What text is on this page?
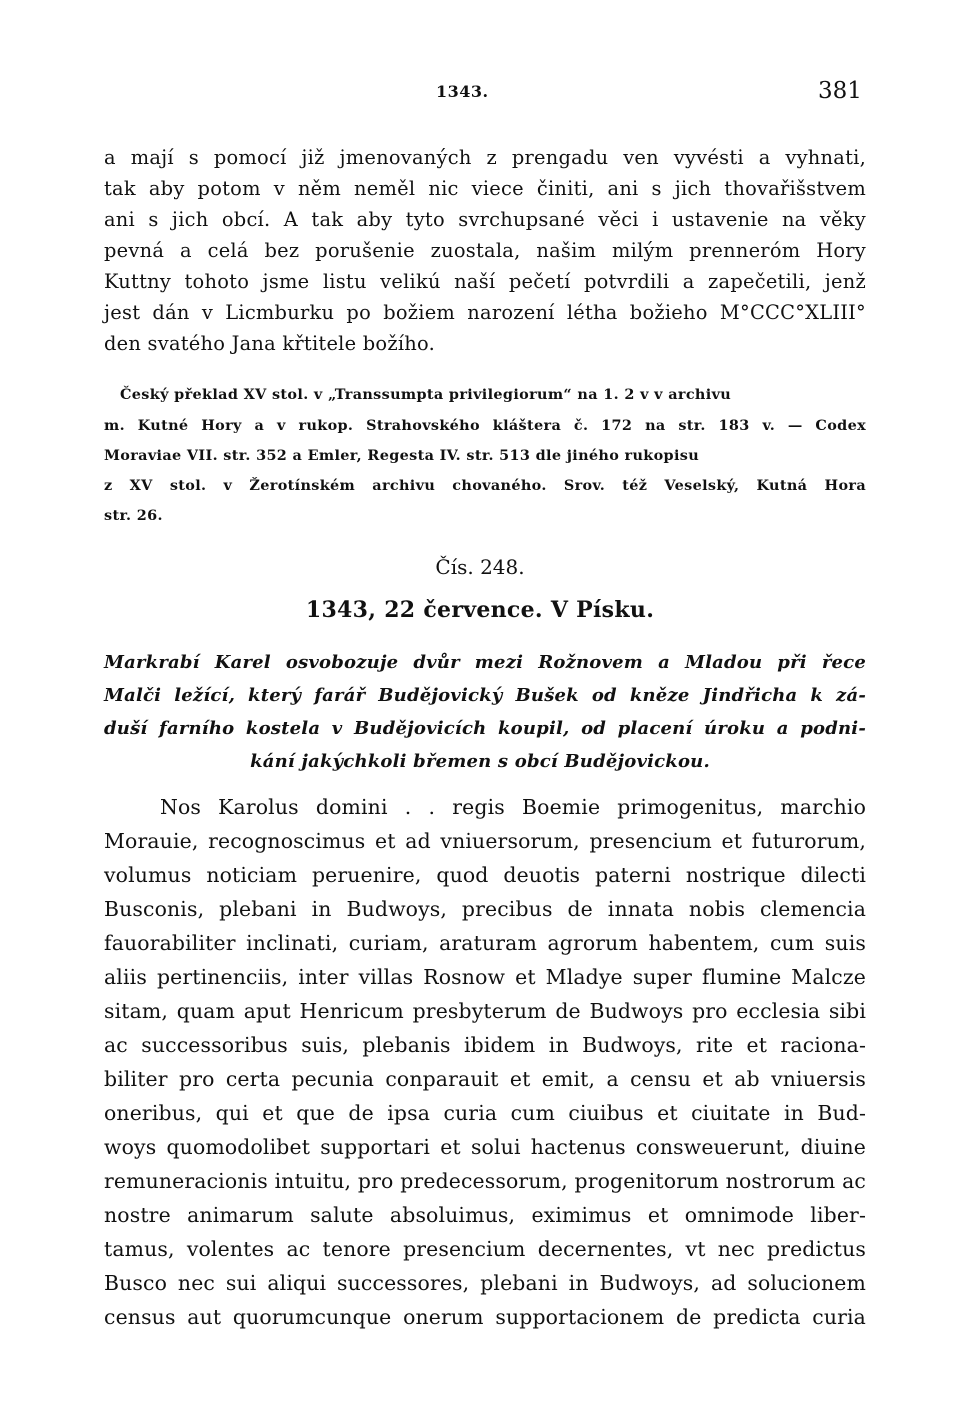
1343.	381
a mají s pomocí již jmenovaných z prengadu ven vyvésti a vyhnati,
tak aby potom v něm neměl nic viece činiti, ani s jich thovařišstvem
ani s jich obcí. A tak aby tyto svrchupsané věci i ustavenie na věky
pevná a celá bez porušenie zuostala, našim milým prenneróm Hory
Kuttny tohoto jsme listu velikú naší pečetí potvrdili a zapečetili, jenž
jest dán v Licmburku po božiem narození létha božieho M°CCC°XLIII°
den svatého Jana křtitele božího.
Český překlad XV stol. v „Transsumpta privilegiorum“ na 1. 2 v v archivu
m. Kutné Hory a v rukop. Strahovského kláštera č. 172 na str. 183 v. — Codex
Moraviae VII. str. 352 a Emler, Regesta IV. str. 513 dle jiného rukopisu
z XV stol. v Žerotínském archivu chovaného. Srov. též Veselský, Kutná Hora
str. 26.
Čís. 248.
1343, 22 července. V Písku.
Markrabí Karel osvobozuje dvůr mezi Rožnovem a Mladou při řece
Malči ležící, který farář Budějovický Bušek od kněze Jindřicha k zá-
duší farního kostela v Budějovicích koupil, od placení úroku a podni-
kání jakýchkoli břemen s obcí Budějovickou.
Nos Karolus domini . . regis Boemie primogenitus, marchio
Morauie, recognoscimus et ad vniuersorum, presencium et futurorum,
volumus noticiam peruenire, quod deuotis paterni nostrique dilecti
Busconis, plebani in Budwoys, precibus de innata nobis clemencia
fauorabiliter inclinati, curiam, araturam agrorum habentem, cum suis
aliis pertinenciis, inter villas Rosnow et Mladye super flumine Malcze
sitam, quam aput Henricum presbyterum de Budwoys pro ecclesia sibi
ac successoribus suis, plebanis ibidem in Budwoys, rite et raciona-
biliter pro certa pecunia conparauit et emit, a censu et ab vniuersis
oneribus, qui et que de ipsa curia cum ciuibus et ciuitate in Bud-
woys quomodolibet supportari et solui hactenus consweuerunt, diuine
remuneracionis intuitu, pro predecessorum, progenitorum nostrorum ac
nostre animarum salute absoluimus, eximimus et omnimode liber-
tamus, volentes ac tenore presencium decernentes, vt nec predictus
Busco nec sui aliqui successores, plebani in Budwoys, ad solucionem
census aut quorumcunque onerum supportacionem de predicta curia
